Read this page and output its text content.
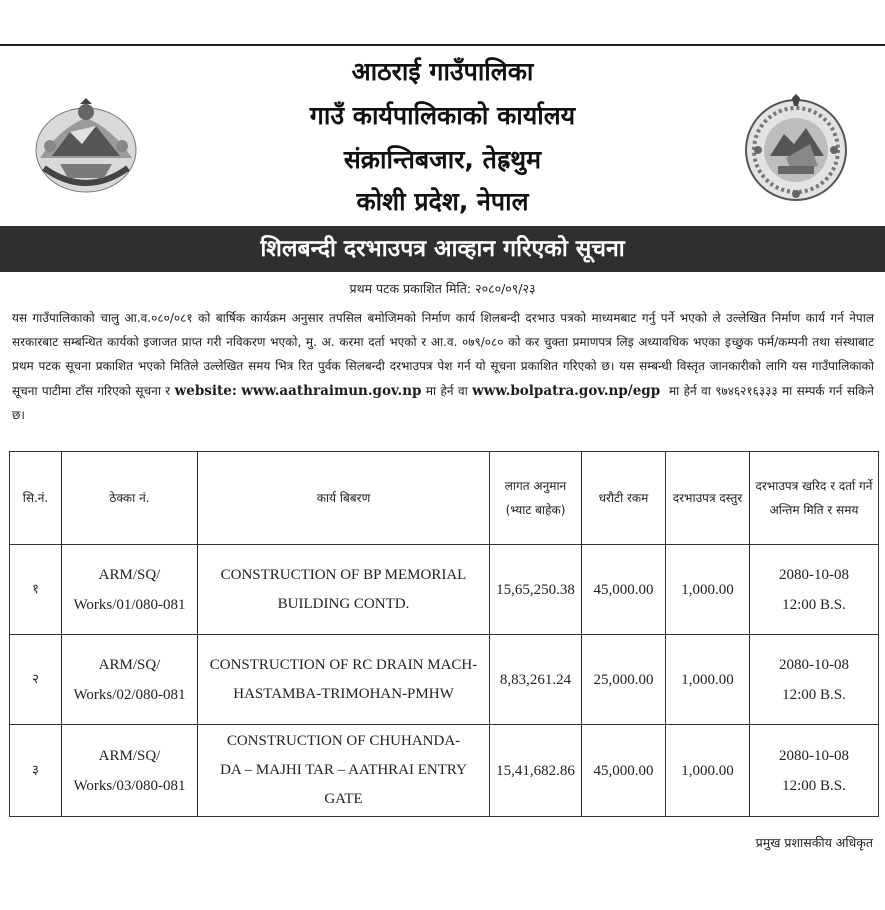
आठराई गाउँपालिका
गाउँ कार्यपालिकाको कार्यालय
संक्रान्तिबजार, तेह्रथुम
कोशी प्रदेश, नेपाल
शिलबन्दी दरभाउपत्र आव्हान गरिएको सूचना
प्रथम पटक प्रकाशित मिति: २०८०/०९/२३
यस गाउँपालिकाको चालु आ.व.०८०/०८१ को बार्षिक कार्यक्रम अनुसार तपसिल बमोजिमको निर्माण कार्य शिलबन्दी दरभाउ पत्रको माध्यमबाट गर्नु पर्ने भएको ले उल्लेखित निर्माण कार्य गर्न नेपाल सरकारबाट सम्बन्धित कार्यको इजाजत प्राप्त गरी नविकरण भएको, मु. अ. करमा दर्ता भएको र आ.व. ०७९/०८० को कर चुक्ता प्रमाणपत्र लिइ अध्यावधिक भएका इच्छुक फर्म/कम्पनी तथा संस्थाबाट प्रथम पटक सूचना प्रकाशित भएको मितिले उल्लेखित समय भित्र रित पुर्वक सिलबन्दी दरभाउपत्र पेश गर्न यो सूचना प्रकाशित गरिएको छ। यस सम्बन्धी विस्तृत जानकारीको लागि यस गाउँपालिकाको सूचना पाटीमा टाँस गरिएको सूचना र website: www.aathraimun.gov.np मा हेर्न वा www.bolpatra.gov.np/egp मा हेर्न वा ९७४६२१६३३३ मा सम्पर्क गर्न सकिने छ।
सि.नं.	ठेक्का नं.	कार्य बिबरण	लागत अनुमान (भ्याट बाहेक)	धरौटी रकम	दरभाउपत्र दस्तुर	दरभाउपत्र खरिद र दर्ता गर्ने अन्तिम मिति र समय
१	ARM/SQ/
Works/01/080-081	CONSTRUCTION OF BP MEMORIAL
BUILDING CONTD.	15,65,250.38	45,000.00	1,000.00	2080-10-08
12:00 B.S.
२	ARM/SQ/
Works/02/080-081	CONSTRUCTION OF RC DRAIN MACH-
HASTAMBA-TRIMOHAN-PMHW	8,83,261.24	25,000.00	1,000.00	2080-10-08
12:00 B.S.
३	ARM/SQ/
Works/03/080-081	CONSTRUCTION OF CHUHANDA-
DA – MAJHI TAR – AATHRAI ENTRY
GATE	15,41,682.86	45,000.00	1,000.00	2080-10-08
12:00 B.S.
प्रमुख प्रशासकीय अधिकृत
